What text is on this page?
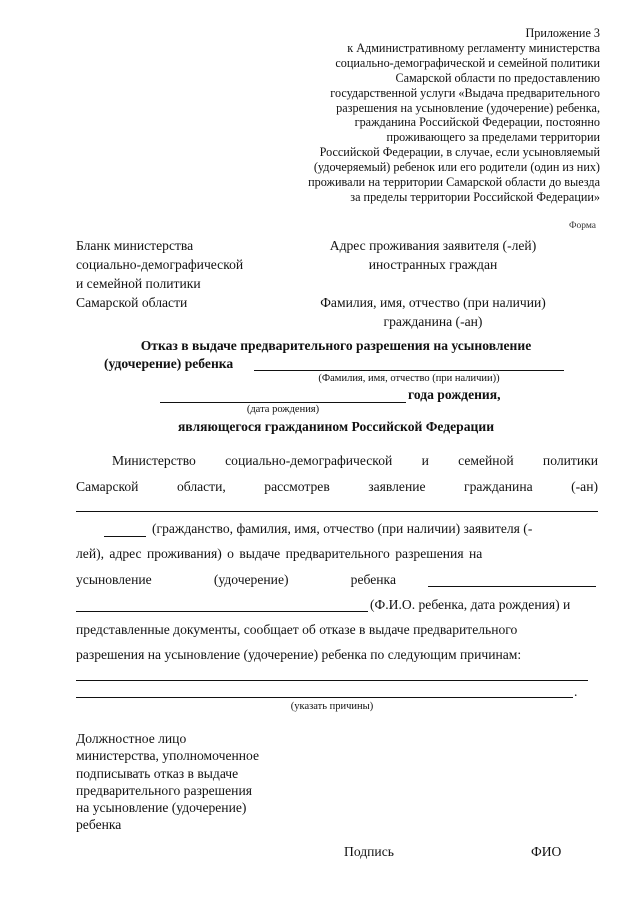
Приложение 3
к Административному регламенту министерства
социально-демографической и семейной политики
Самарской области по предоставлению
государственной услуги «Выдача предварительного
разрешения на усыновление (удочерение) ребенка,
гражданина Российской Федерации, постоянно
проживающего за пределами территории
Российской Федерации, в случае, если усыновляемый
(удочеряемый) ребенок или его родители (один из них)
проживали на территории Самарской области до выезда
за пределы территории Российской Федерации»
Форма
Бланк министерства
социально-демографической
и семейной политики
Самарской области
Адрес проживания заявителя (-лей)
иностранных граждан
Фамилия, имя, отчество (при наличии)
гражданина (-ан)
Отказ в выдаче предварительного разрешения на усыновление
(удочерение) ребенка
(Фамилия, имя, отчество (при наличии))
года рождения,
(дата рождения)
являющегося гражданином Российской Федерации
Министерство социально-демографической и семейной политики
Самарской	области,	рассмотрев	заявление	гражданина	(-ан)
(гражданство, фамилия, имя, отчество (при наличии) заявителя (-
лей), адрес проживания) о выдаче предварительного разрешения на
усыновление	(удочерение)	ребенка
(Ф.И.О. ребенка, дата рождения) и
представленные документы, сообщает об отказе в выдаче предварительного
разрешения на усыновление (удочерение) ребенка по следующим причинам:
.
(указать причины)
Должностное лицо
министерства, уполномоченное
подписывать отказ в выдаче
предварительного разрешения
на усыновление (удочерение)
ребенка
Подпись	ФИО
